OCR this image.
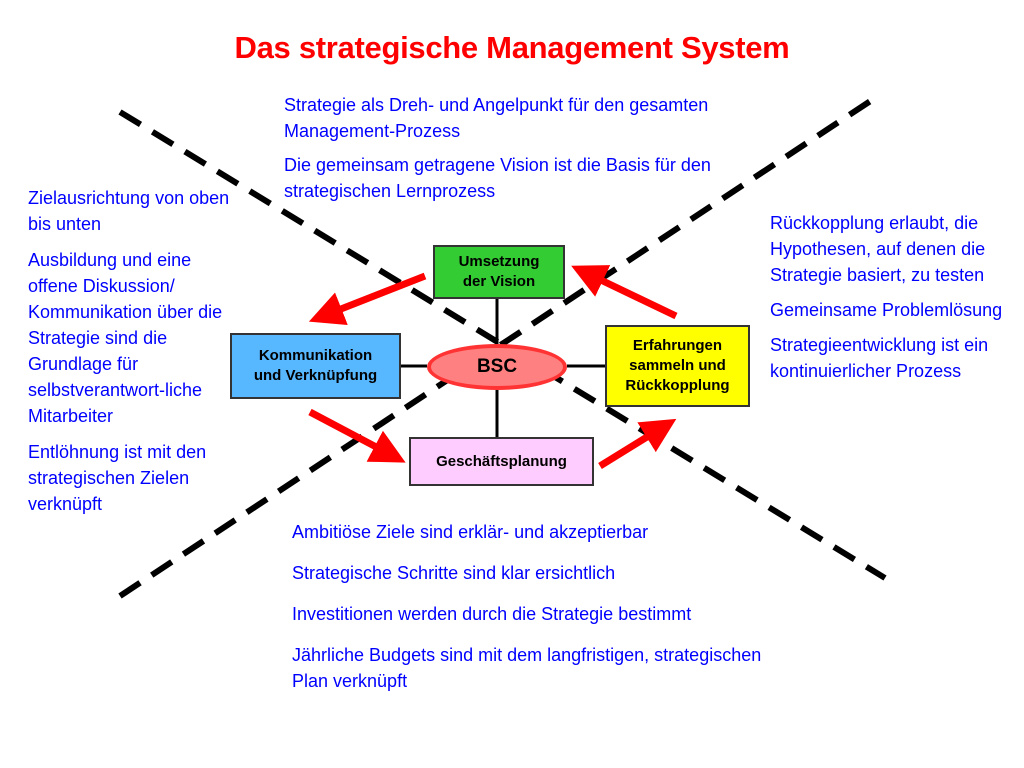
Das strategische Management System

Strategie als Dreh- und Angelpunkt für den gesamten Management-Prozess

Die gemeinsam getragene Vision ist die Basis für den strategischen Lernprozess

Zielausrichtung von oben bis unten

Ausbildung und eine offene Diskussion/ Kommunikation über die Strategie sind die Grundlage für selbstverantwort-liche Mitarbeiter

Entlöhnung ist mit den strategischen Zielen verknüpft

Rückkopplung erlaubt, die Hypothesen, auf denen die Strategie basiert, zu testen

Gemeinsame Problemlösung

Strategieentwicklung ist ein kontinuierlicher Prozess

Ambitiöse Ziele sind erklär- und akzeptierbar

Strategische Schritte sind klar ersichtlich

Investitionen werden durch die Strategie bestimmt

Jährliche Budgets sind mit dem langfristigen, strategischen Plan verknüpft

Umsetzung
der Vision
Kommunikation
und Verknüpfung
Erfahrungen
sammeln und
Rückkopplung
Geschäftsplanung
BSC
